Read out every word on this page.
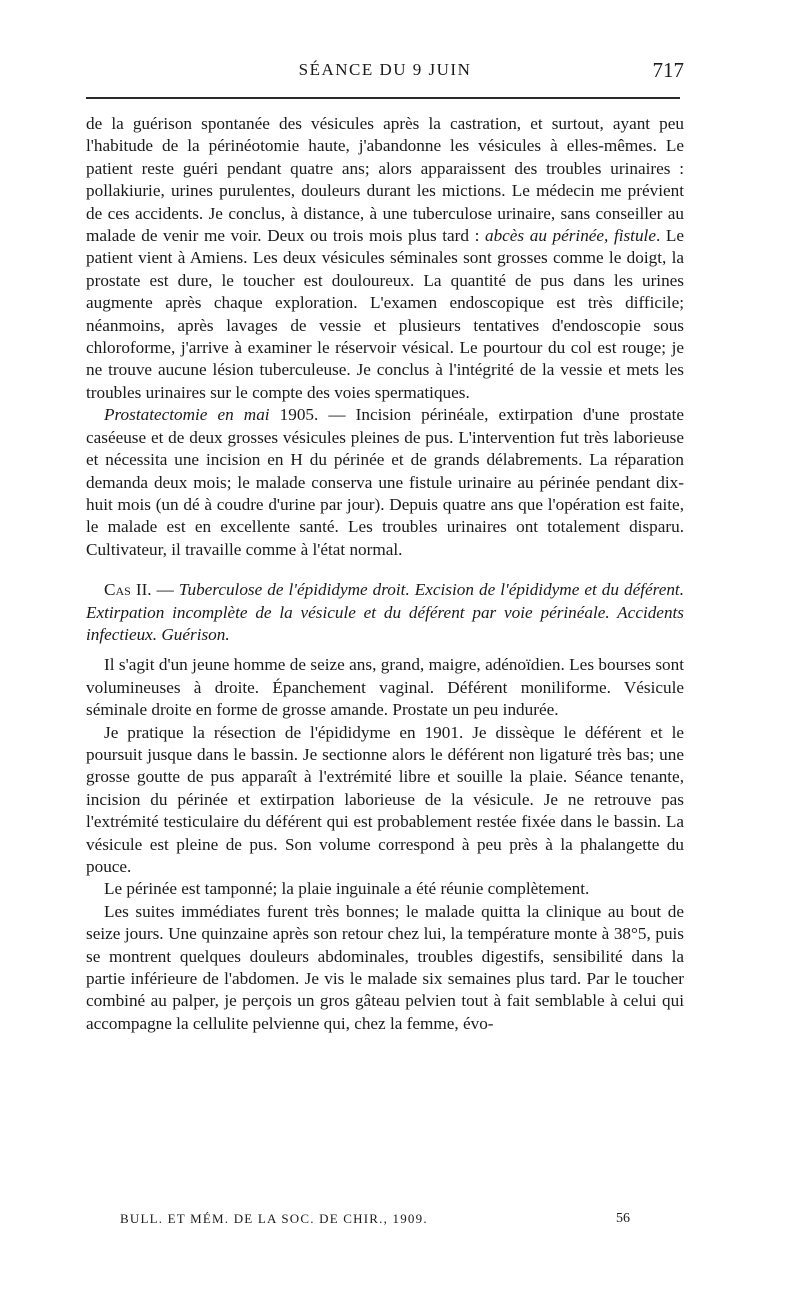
SÉANCE DU 9 JUIN	717

de la guérison spontanée des vésicules après la castration, et surtout, ayant peu l'habitude de la périnéotomie haute, j'abandonne les vésicules à elles-mêmes. Le patient reste guéri pendant quatre ans; alors apparaissent des troubles urinaires : pollakiurie, urines purulentes, douleurs durant les mictions. Le médecin me prévient de ces accidents. Je conclus, à distance, à une tuberculose urinaire, sans conseiller au malade de venir me voir. Deux ou trois mois plus tard : abcès au périnée, fistule. Le patient vient à Amiens. Les deux vésicules séminales sont grosses comme le doigt, la prostate est dure, le toucher est douloureux. La quantité de pus dans les urines augmente après chaque exploration. L'examen endoscopique est très difficile; néanmoins, après lavages de vessie et plusieurs tentatives d'endoscopie sous chloroforme, j'arrive à examiner le réservoir vésical. Le pourtour du col est rouge; je ne trouve aucune lésion tuberculeuse. Je conclus à l'intégrité de la vessie et mets les troubles urinaires sur le compte des voies spermatiques.

Prostatectomie en mai 1905. — Incision périnéale, extirpation d'une prostate caséeuse et de deux grosses vésicules pleines de pus. L'intervention fut très laborieuse et nécessita une incision en H du périnée et de grands délabrements. La réparation demanda deux mois; le malade conserva une fistule urinaire au périnée pendant dix-huit mois (un dé à coudre d'urine par jour). Depuis quatre ans que l'opération est faite, le malade est en excellente santé. Les troubles urinaires ont totalement disparu. Cultivateur, il travaille comme à l'état normal.

Cas II. — Tuberculose de l'épididyme droit. Excision de l'épididyme et du déférent. Extirpation incomplète de la vésicule et du déférent par voie périnéale. Accidents infectieux. Guérison.

Il s'agit d'un jeune homme de seize ans, grand, maigre, adénoïdien. Les bourses sont volumineuses à droite. Épanchement vaginal. Déférent moniliforme. Vésicule séminale droite en forme de grosse amande. Prostate un peu indurée.

Je pratique la résection de l'épididyme en 1901. Je dissèque le déférent et le poursuit jusque dans le bassin. Je sectionne alors le déférent non ligaturé très bas; une grosse goutte de pus apparaît à l'extrémité libre et souille la plaie. Séance tenante, incision du périnée et extirpation laborieuse de la vésicule. Je ne retrouve pas l'extrémité testiculaire du déférent qui est probablement restée fixée dans le bassin. La vésicule est pleine de pus. Son volume correspond à peu près à la phalangette du pouce.

Le périnée est tamponné; la plaie inguinale a été réunie complètement.

Les suites immédiates furent très bonnes; le malade quitta la clinique au bout de seize jours. Une quinzaine après son retour chez lui, la température monte à 38°5, puis se montrent quelques douleurs abdominales, troubles digestifs, sensibilité dans la partie inférieure de l'abdomen. Je vis le malade six semaines plus tard. Par le toucher combiné au palper, je perçois un gros gâteau pelvien tout à fait semblable à celui qui accompagne la cellulite pelvienne qui, chez la femme, évo-

BULL. ET MÉM. DE LA SOC. DE CHIR., 1909.	56
